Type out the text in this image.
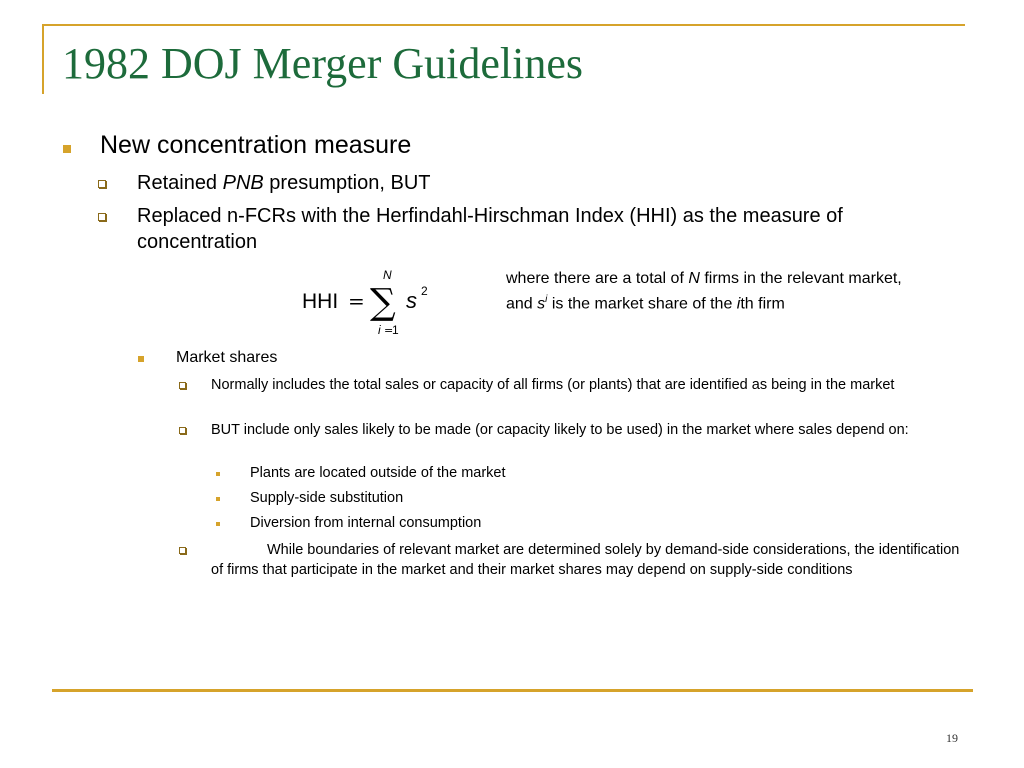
1982 DOJ Merger Guidelines
New concentration measure
Retained PNB presumption, BUT
Replaced n-FCRs with the Herfindahl-Hirschman Index (HHI) as the measure of concentration
HHI = ∑
N
i =
1
s 2
where there are a total of N firms in the relevant market, and $s^i$ is the market share of the ith firm
Market shares
Normally includes the total sales or capacity of all firms (or plants) that are identified as being in the market
BUT include only sales likely to be made (or capacity likely to be used) in the market where sales depend on:
Plants are located outside of the market
Supply-side substitution
Diversion from internal consumption
While boundaries of relevant market are determined solely by demand-side considerations, the identification of firms that participate in the market and their market shares may depend on supply-side conditions
19
